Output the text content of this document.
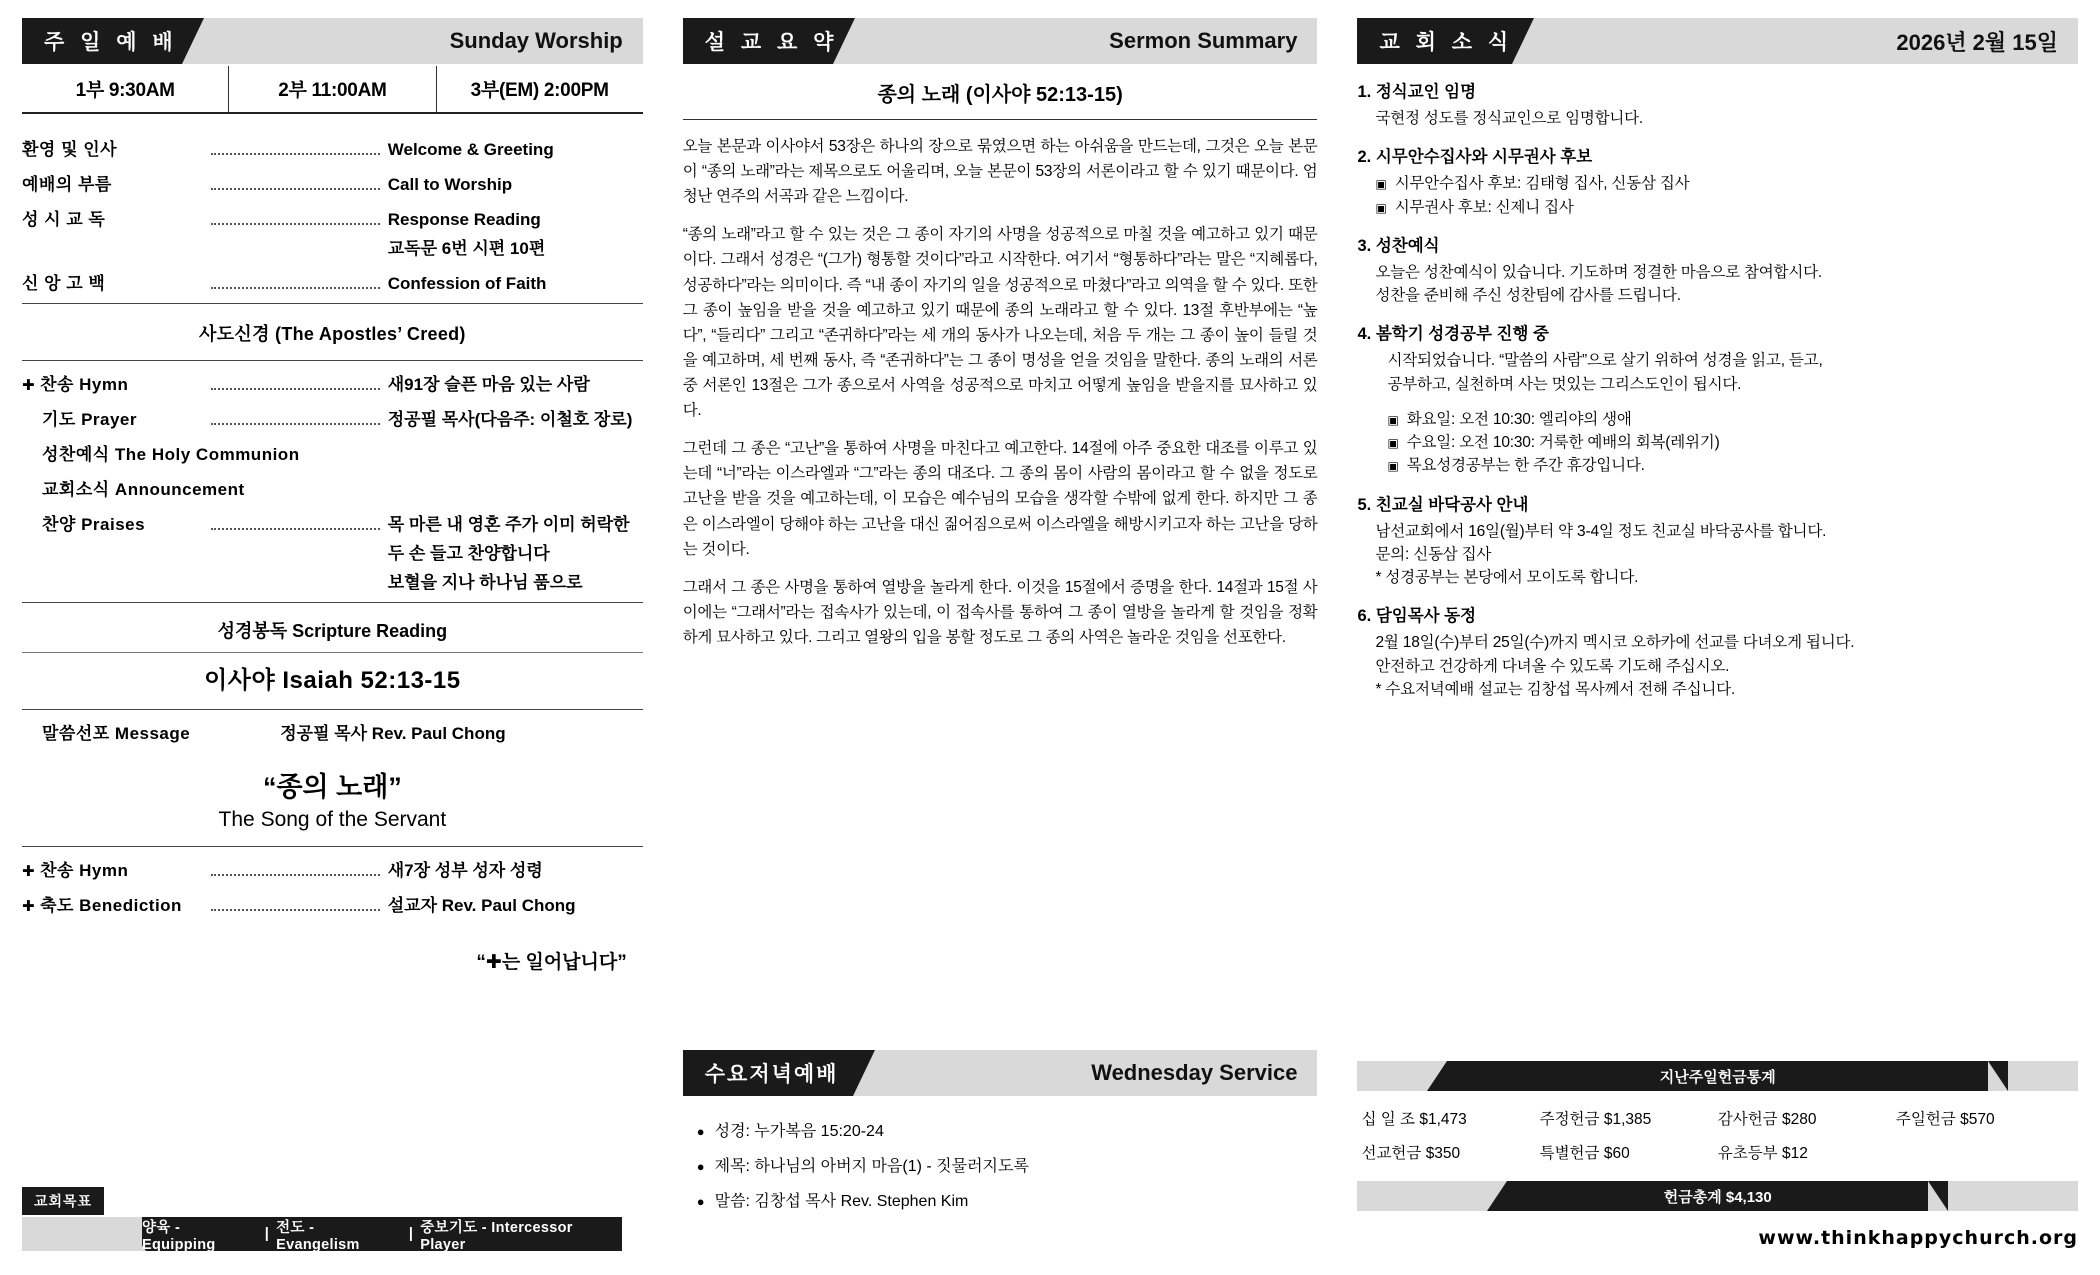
주 일 예 배	Sunday Worship
1부 9:30AM	2부 11:00AM	3부(EM) 2:00PM
환영 및 인사	Welcome & Greeting
예배의 부름	Call to Worship
성 시 교 독	Response Reading
교독문 6번 시편 10편
신 앙 고 백	Confession of Faith
사도신경 (The Apostles’ Creed)
✚ 찬송 Hymn	새91장 슬픈 마음 있는 사람
기도 Prayer	정공필 목사(다음주: 이철호 장로)
성찬예식 The Holy Communion
교회소식 Announcement
찬양 Praises	목 마른 내 영혼 주가 이미 허락한
두 손 들고 찬양합니다
보혈을 지나 하나님 품으로
성경봉독 Scripture Reading
이사야 Isaiah 52:13-15
말씀선포 Message	정공필 목사 Rev. Paul Chong
“종의 노래”
The Song of the Servant
✚ 찬송 Hymn	새7장 성부 성자 성령
✚ 축도 Benediction	설교자 Rev. Paul Chong
“✚는 일어납니다”
교회목표
양육 - Equipping
| 전도 - Evangelism
| 중보기도 - Intercessor Player
설 교 요 약	Sermon Summary
종의 노래 (이사야 52:13-15)
오늘 본문과 이사야서 53장은 하나의 장으로 묶였으면 하는 아쉬움을 만드는데, 그것은 오늘 본문이 “종의 노래”라는 제목으로도 어울리며, 오늘 본문이 53장의 서론이라고 할 수 있기 때문이다. 엄청난 연주의 서곡과 같은 느낌이다.
“종의 노래”라고 할 수 있는 것은 그 종이 자기의 사명을 성공적으로 마칠 것을 예고하고 있기 때문이다. 그래서 성경은 “(그가) 형통할 것이다”라고 시작한다. 여기서 “형통하다”라는 말은 “지혜롭다, 성공하다”라는 의미이다. 즉 “내 종이 자기의 일을 성공적으로 마쳤다”라고 의역을 할 수 있다. 또한 그 종이 높임을 받을 것을 예고하고 있기 때문에 종의 노래라고 할 수 있다. 13절 후반부에는 “높다”, “들리다” 그리고 “존귀하다”라는 세 개의 동사가 나오는데, 처음 두 개는 그 종이 높이 들릴 것을 예고하며, 세 번째 동사, 즉 “존귀하다”는 그 종이 명성을 얻을 것임을 말한다. 종의 노래의 서론 중 서론인 13절은 그가 종으로서 사역을 성공적으로 마치고 어떻게 높임을 받을지를 묘사하고 있다.
그런데 그 종은 “고난”을 통하여 사명을 마친다고 예고한다. 14절에 아주 중요한 대조를 이루고 있는데 “너”라는 이스라엘과 “그”라는 종의 대조다. 그 종의 몸이 사람의 몸이라고 할 수 없을 정도로 고난을 받을 것을 예고하는데, 이 모습은 예수님의 모습을 생각할 수밖에 없게 한다. 하지만 그 종은 이스라엘이 당해야 하는 고난을 대신 짊어짐으로써 이스라엘을 해방시키고자 하는 고난을 당하는 것이다.
그래서 그 종은 사명을 통하여 열방을 놀라게 한다. 이것을 15절에서 증명을 한다. 14절과 15절 사이에는 “그래서”라는 접속사가 있는데, 이 접속사를 통하여 그 종이 열방을 놀라게 할 것임을 정확하게 묘사하고 있다. 그리고 열왕의 입을 봉할 정도로 그 종의 사역은 놀라운 것임을 선포한다.
수요저녁예배	Wednesday Service
● 성경: 누가복음 15:20-24
● 제목: 하나님의 아버지 마음(1) - 짓물러지도록
● 말씀: 김창섭 목사 Rev. Stephen Kim
교 회 소 식	2026년 2월 15일
1. 정식교인 임명
국현정 성도를 정식교인으로 임명합니다.
2. 시무안수집사와 시무권사 후보
▣ 시무안수집사 후보: 김태형 집사, 신동삼 집사
▣ 시무권사 후보: 신제니 집사
3. 성찬예식
오늘은 성찬예식이 있습니다. 기도하며 정결한 마음으로 참여합시다.
성찬을 준비해 주신 성찬팀에 감사를 드립니다.
4. 봄학기 성경공부 진행 중
시작되었습니다. “말씀의 사람”으로 살기 위하여 성경을 읽고, 듣고,
공부하고, 실천하며 사는 멋있는 그리스도인이 됩시다.
▣ 화요일: 오전 10:30: 엘리야의 생애
▣ 수요일: 오전 10:30: 거룩한 예배의 회복(레위기)
▣ 목요성경공부는 한 주간 휴강입니다.
5. 친교실 바닥공사 안내
남선교회에서 16일(월)부터 약 3-4일 정도 친교실 바닥공사를 합니다.
문의: 신동삼 집사
* 성경공부는 본당에서 모이도록 합니다.
6. 담임목사 동정
2월 18일(수)부터 25일(수)까지 멕시코 오하카에 선교를 다녀오게 됩니다.
안전하고 건강하게 다녀올 수 있도록 기도해 주십시오.
* 수요저녁예배 설교는 김창섭 목사께서 전해 주십니다.
지난주일헌금통계
십 일 조 $1,473	주정헌금 $1,385	감사헌금 $280	주일헌금 $570
선교헌금 $350	특별헌금 $60	유초등부 $12
헌금총계 $4,130
www.thinkhappychurch.org
